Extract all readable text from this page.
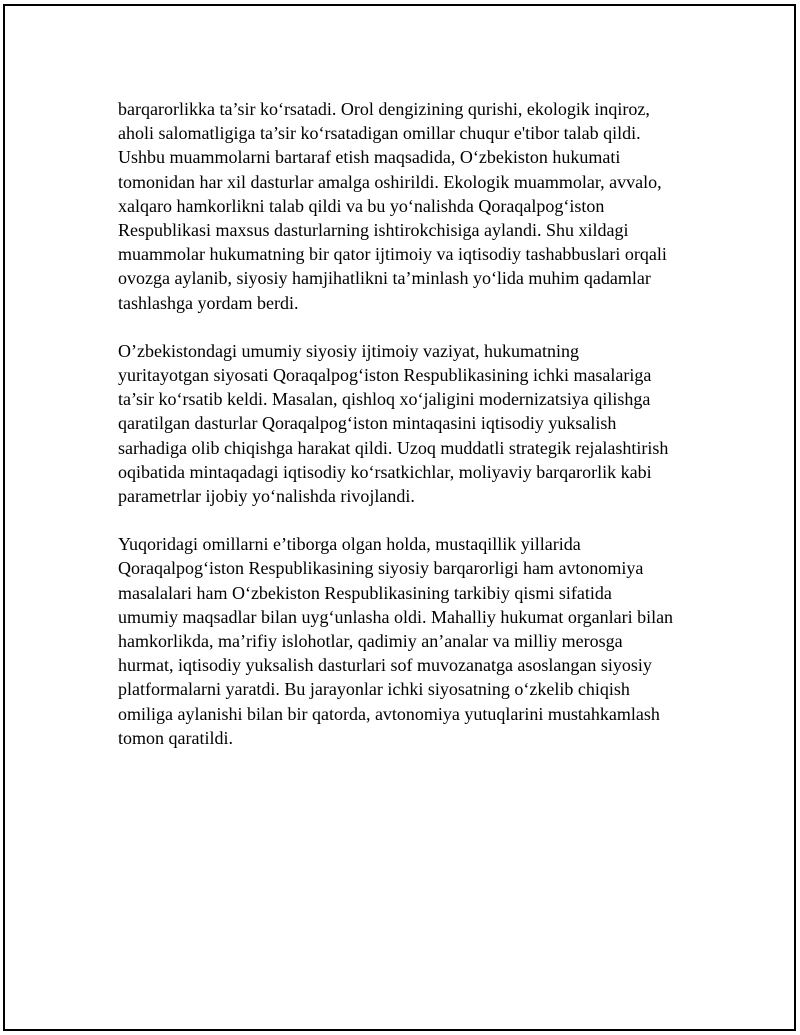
barqarorlikka ta’sir ko‘rsatadi. Orol dengizining qurishi, ekologik inqiroz,
aholi salomatligiga ta’sir ko‘rsatadigan omillar chuqur e'tibor talab qildi.
Ushbu muammolarni bartaraf etish maqsadida, O‘zbekiston hukumati
tomonidan har xil dasturlar amalga oshirildi. Ekologik muammolar, avvalo,
xalqaro hamkorlikni talab qildi va bu yo‘nalishda Qoraqalpog‘iston
Respublikasi maxsus dasturlarning ishtirokchisiga aylandi. Shu xildagi
muammolar hukumatning bir qator ijtimoiy va iqtisodiy tashabbuslari orqali
ovozga aylanib, siyosiy hamjihatlikni ta’minlash yo‘lida muhim qadamlar
tashlashga yordam berdi.

O’zbekistondagi umumiy siyosiy ijtimoiy vaziyat, hukumatning
yuritayotgan siyosati Qoraqalpog‘iston Respublikasining ichki masalariga
ta’sir ko‘rsatib keldi. Masalan, qishloq xo‘jaligini modernizatsiya qilishga
qaratilgan dasturlar Qoraqalpog‘iston mintaqasini iqtisodiy yuksalish
sarhadiga olib chiqishga harakat qildi. Uzoq muddatli strategik rejalashtirish
oqibatida mintaqadagi iqtisodiy ko‘rsatkichlar, moliyaviy barqarorlik kabi
parametrlar ijobiy yo‘nalishda rivojlandi.

Yuqoridagi omillarni e’tiborga olgan holda, mustaqillik yillarida
Qoraqalpog‘iston Respublikasining siyosiy barqarorligi ham avtonomiya
masalalari ham O‘zbekiston Respublikasining tarkibiy qismi sifatida
umumiy maqsadlar bilan uyg‘unlasha oldi. Mahalliy hukumat organlari bilan
hamkorlikda, ma’rifiy islohotlar, qadimiy an’analar va milliy merosga
hurmat, iqtisodiy yuksalish dasturlari sof muvozanatga asoslangan siyosiy
platformalarni yaratdi. Bu jarayonlar ichki siyosatning o‘zkelib chiqish
omiliga aylanishi bilan bir qatorda, avtonomiya yutuqlarini mustahkamlash
tomon qaratildi.
